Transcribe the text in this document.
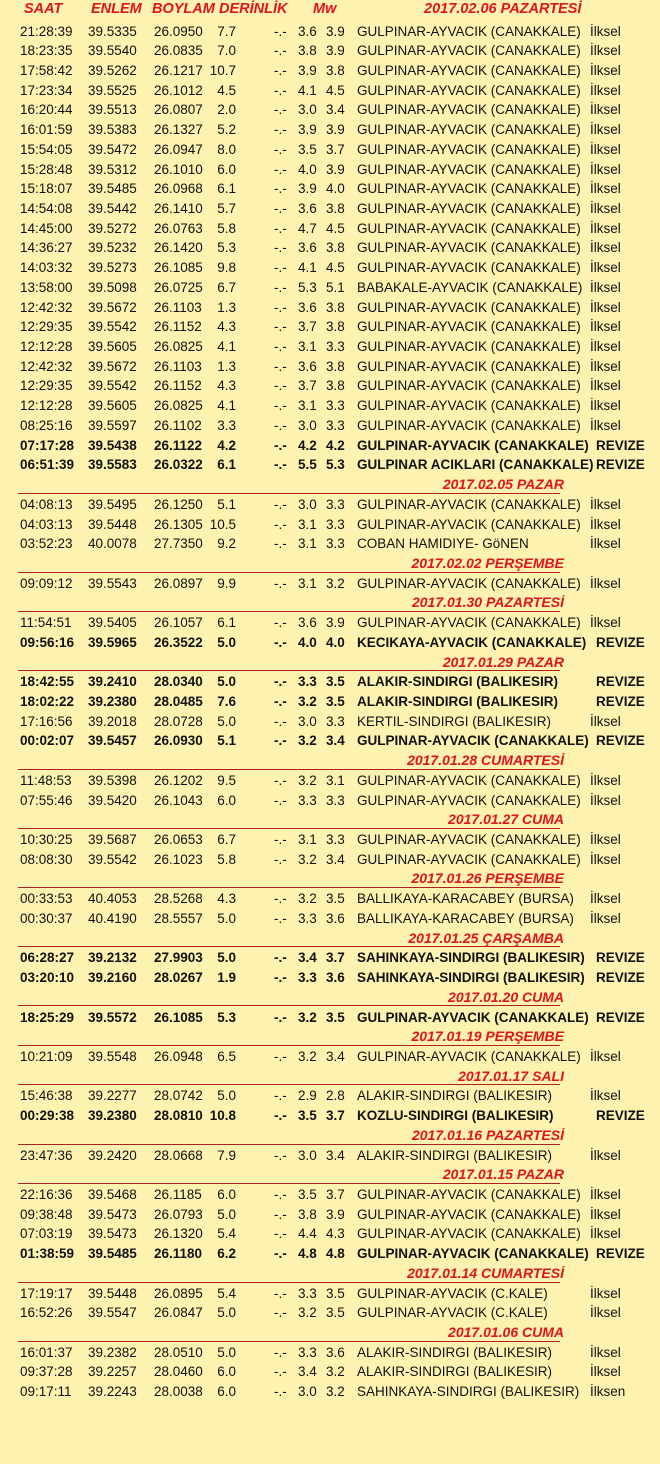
SAAT ENLEM BOYLAM DERİNLİK Mw	2017.02.06 PAZARTESİ
21:28:39 39.5335 26.0950 7.7	-.- 3.6 3.9 GULPINAR-AYVACIK (CANAKKALE) İlksel
18:23:35 39.5540 26.0835 7.0	-.- 3.8 3.9 GULPINAR-AYVACIK (CANAKKALE) İlksel
17:58:42 39.5262 26.1217 10.7	-.- 3.9 3.8 GULPINAR-AYVACIK (CANAKKALE) İlksel
17:23:34 39.5525 26.1012 4.5	-.- 4.1 4.5 GULPINAR-AYVACIK (CANAKKALE) İlksel
16:20:44 39.5513 26.0807 2.0	-.- 3.0 3.4 GULPINAR-AYVACIK (CANAKKALE) İlksel
16:01:59 39.5383 26.1327 5.2	-.- 3.9 3.9 GULPINAR-AYVACIK (CANAKKALE) İlksel
15:54:05 39.5472 26.0947 8.0	-.- 3.5 3.7 GULPINAR-AYVACIK (CANAKKALE) İlksel
15:28:48 39.5312 26.1010 6.0	-.- 4.0 3.9 GULPINAR-AYVACIK (CANAKKALE) İlksel
15:18:07 39.5485 26.0968 6.1	-.- 3.9 4.0 GULPINAR-AYVACIK (CANAKKALE) İlksel
14:54:08 39.5442 26.1410 5.7	-.- 3.6 3.8 GULPINAR-AYVACIK (CANAKKALE) İlksel
14:45:00 39.5272 26.0763 5.8	-.- 4.7 4.5 GULPINAR-AYVACIK (CANAKKALE) İlksel
14:36:27 39.5232 26.1420 5.3	-.- 3.6 3.8 GULPINAR-AYVACIK (CANAKKALE) İlksel
14:03:32 39.5273 26.1085 9.8	-.- 4.1 4.5 GULPINAR-AYVACIK (CANAKKALE) İlksel
13:58:00 39.5098 26.0725 6.7	-.- 5.3 5.1 BABAKALE-AYVACIK (CANAKKALE) İlksel
12:42:32 39.5672 26.1103 1.3	-.- 3.6 3.8 GULPINAR-AYVACIK (CANAKKALE) İlksel
12:29:35 39.5542 26.1152 4.3	-.- 3.7 3.8 GULPINAR-AYVACIK (CANAKKALE) İlksel
12:12:28 39.5605 26.0825 4.1	-.- 3.1 3.3 GULPINAR-AYVACIK (CANAKKALE) İlksel
12:42:32 39.5672 26.1103 1.3	-.- 3.6 3.8 GULPINAR-AYVACIK (CANAKKALE) İlksel
12:29:35 39.5542 26.1152 4.3	-.- 3.7 3.8 GULPINAR-AYVACIK (CANAKKALE) İlksel
12:12:28 39.5605 26.0825 4.1	-.- 3.1 3.3 GULPINAR-AYVACIK (CANAKKALE) İlksel
08:25:16 39.5597 26.1102 3.3	-.- 3.0 3.3 GULPINAR-AYVACIK (CANAKKALE) İlksel
07:17:28 39.5438 26.1122 4.2	-.- 4.2 4.2 GULPINAR-AYVACIK (CANAKKALE) REVIZE
06:51:39 39.5583 26.0322 6.1	-.- 5.5 5.3 GULPINAR ACIKLARI (CANAKKALE) REVIZE
2017.02.05 PAZAR
04:08:13 39.5495 26.1250 5.1	-.- 3.0 3.3 GULPINAR-AYVACIK (CANAKKALE) İlksel
04:03:13 39.5448 26.1305 10.5	-.- 3.1 3.3 GULPINAR-AYVACIK (CANAKKALE) İlksel
03:52:23 40.0078 27.7350 9.2	-.- 3.1 3.3 COBAN HAMIDIYE- GöNEN	İlksel
2017.02.02 PERŞEMBE
09:09:12 39.5543 26.0897 9.9	-.- 3.1 3.2 GULPINAR-AYVACIK (CANAKKALE) İlksel
2017.01.30 PAZARTESİ
11:54:51 39.5405 26.1057 6.1	-.- 3.6 3.9 GULPINAR-AYVACIK (CANAKKALE) İlksel
09:56:16 39.5965 26.3522 5.0	-.- 4.0 4.0 KECIKAYA-AYVACIK (CANAKKALE) REVIZE
2017.01.29 PAZAR
18:42:55 39.2410 28.0340 5.0	-.- 3.3 3.5 ALAKIR-SINDIRGI (BALIKESIR)	REVIZE
18:02:22 39.2380 28.0485 7.6	-.- 3.2 3.5 ALAKIR-SINDIRGI (BALIKESIR)	REVIZE
17:16:56 39.2018 28.0728 5.0	-.- 3.0 3.3 KERTIL-SINDIRGI (BALIKESIR)	İlksel
00:02:07 39.5457 26.0930 5.1	-.- 3.2 3.4 GULPINAR-AYVACIK (CANAKKALE) REVIZE
2017.01.28 CUMARTESİ
11:48:53 39.5398 26.1202 9.5	-.- 3.2 3.1 GULPINAR-AYVACIK (CANAKKALE) İlksel
07:55:46 39.5420 26.1043 6.0	-.- 3.3 3.3 GULPINAR-AYVACIK (CANAKKALE) İlksel
2017.01.27 CUMA
10:30:25 39.5687 26.0653 6.7	-.- 3.1 3.3 GULPINAR-AYVACIK (CANAKKALE) İlksel
08:08:30 39.5542 26.1023 5.8	-.- 3.2 3.4 GULPINAR-AYVACIK (CANAKKALE) İlksel
2017.01.26 PERŞEMBE
00:33:53 40.4053 28.5268 4.3	-.- 3.2 3.5 BALLIKAYA-KARACABEY (BURSA) İlksel
00:30:37 40.4190 28.5557 5.0	-.- 3.3 3.6 BALLIKAYA-KARACABEY (BURSA) İlksel
2017.01.25 ÇARŞAMBA
06:28:27 39.2132 27.9903 5.0	-.- 3.4 3.7 SAHINKAYA-SINDIRGI (BALIKESIR) REVIZE
03:20:10 39.2160 28.0267 1.9	-.- 3.3 3.6 SAHINKAYA-SINDIRGI (BALIKESIR) REVIZE
2017.01.20 CUMA
18:25:29 39.5572 26.1085 5.3	-.- 3.2 3.5 GULPINAR-AYVACIK (CANAKKALE) REVIZE
2017.01.19 PERŞEMBE
10:21:09 39.5548 26.0948 6.5	-.- 3.2 3.4 GULPINAR-AYVACIK (CANAKKALE) İlksel
2017.01.17 SALI
15:46:38 39.2277 28.0742 5.0	-.- 2.9 2.8 ALAKIR-SINDIRGI (BALIKESIR)	İlksel
00:29:38 39.2380 28.0810 10.8	-.- 3.5 3.7 KOZLU-SINDIRGI (BALIKESIR)	REVIZE
2017.01.16 PAZARTESİ
23:47:36 39.2420 28.0668 7.9	-.- 3.0 3.4 ALAKIR-SINDIRGI (BALIKESIR)	İlksel
2017.01.15 PAZAR
22:16:36 39.5468 26.1185 6.0	-.- 3.5 3.7 GULPINAR-AYVACIK (CANAKKALE) İlksel
09:38:48 39.5473 26.0793 5.0	-.- 3.8 3.9 GULPINAR-AYVACIK (CANAKKALE) İlksel
07:03:19 39.5473 26.1320 5.4	-.- 4.4 4.3 GULPINAR-AYVACIK (CANAKKALE) İlksel
01:38:59 39.5485 26.1180 6.2	-.- 4.8 4.8 GULPINAR-AYVACIK (CANAKKALE) REVIZE
2017.01.14 CUMARTESİ
17:19:17 39.5448 26.0895 5.4	-.- 3.3 3.5 GULPINAR-AYVACIK (C.KALE)	İlksel
16:52:26 39.5547 26.0847 5.0	-.- 3.2 3.5 GULPINAR-AYVACIK (C.KALE)	İlksel
2017.01.06 CUMA
16:01:37 39.2382 28.0510 5.0	-.- 3.3 3.6 ALAKIR-SINDIRGI (BALIKESIR)	İlksel
09:37:28 39.2257 28.0460 6.0	-.- 3.4 3.2 ALAKIR-SINDIRGI (BALIKESIR)	İlksel
09:17:11 39.2243 28.0038 6.0	-.- 3.0 3.2 SAHINKAYA-SINDIRGI (BALIKESIR) İlksen
